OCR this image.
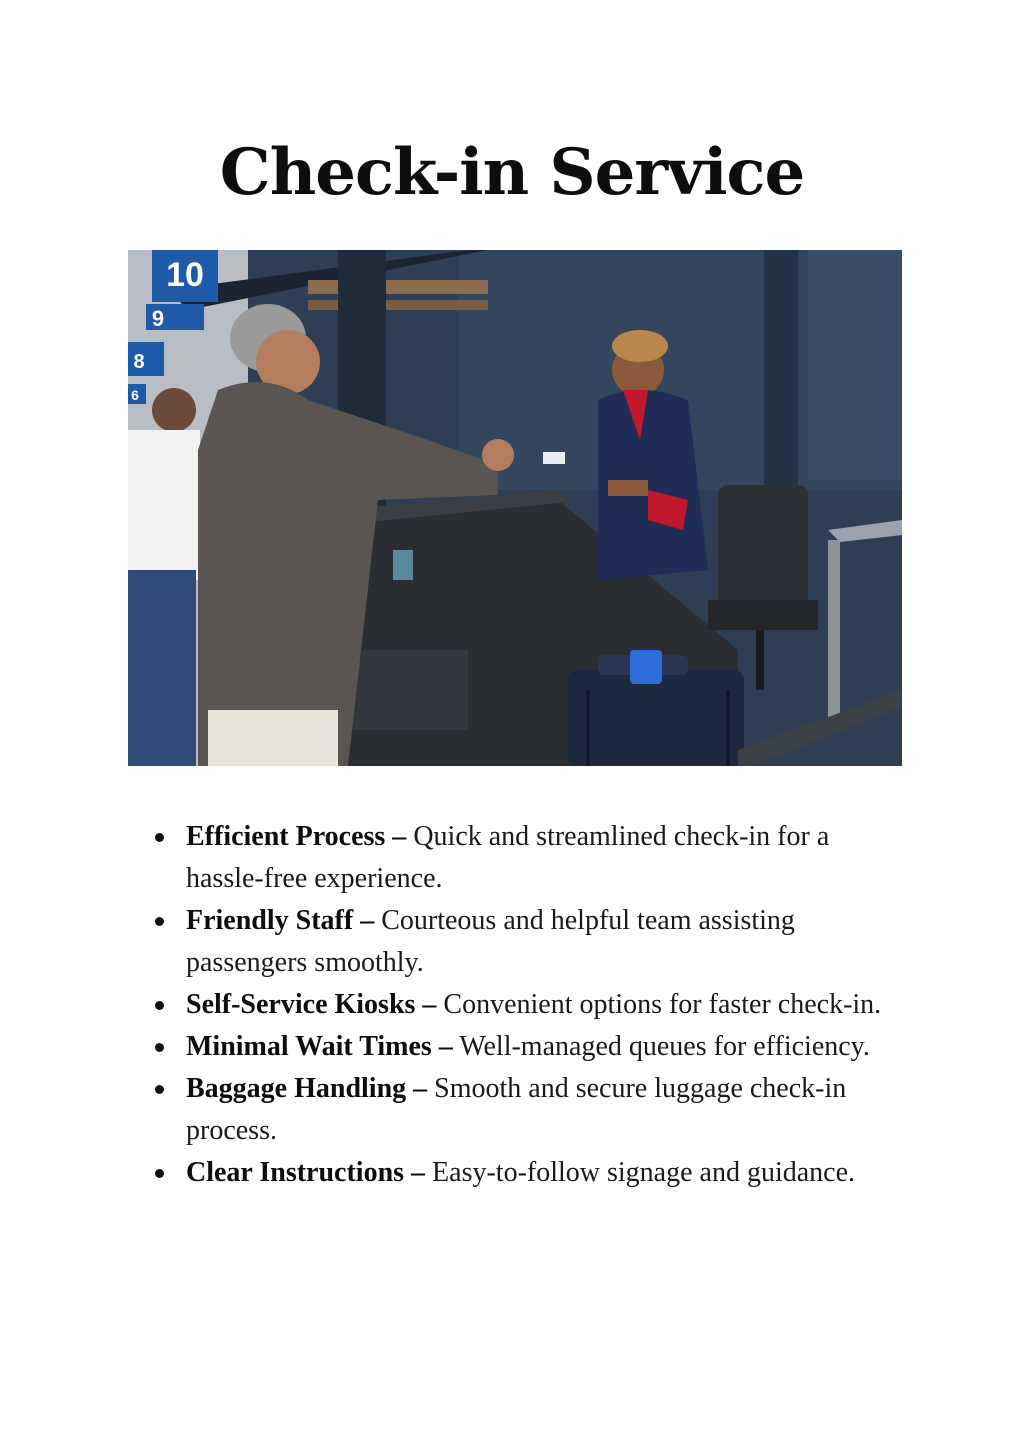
Check-in Service
10
9
8
6
Efficient Process – Quick and streamlined check-in for a hassle-free experience.
Friendly Staff – Courteous and helpful team assisting passengers smoothly.
Self-Service Kiosks – Convenient options for faster check-in.
Minimal Wait Times – Well-managed queues for efficiency.
Baggage Handling – Smooth and secure luggage check-in process.
Clear Instructions – Easy-to-follow signage and guidance.
